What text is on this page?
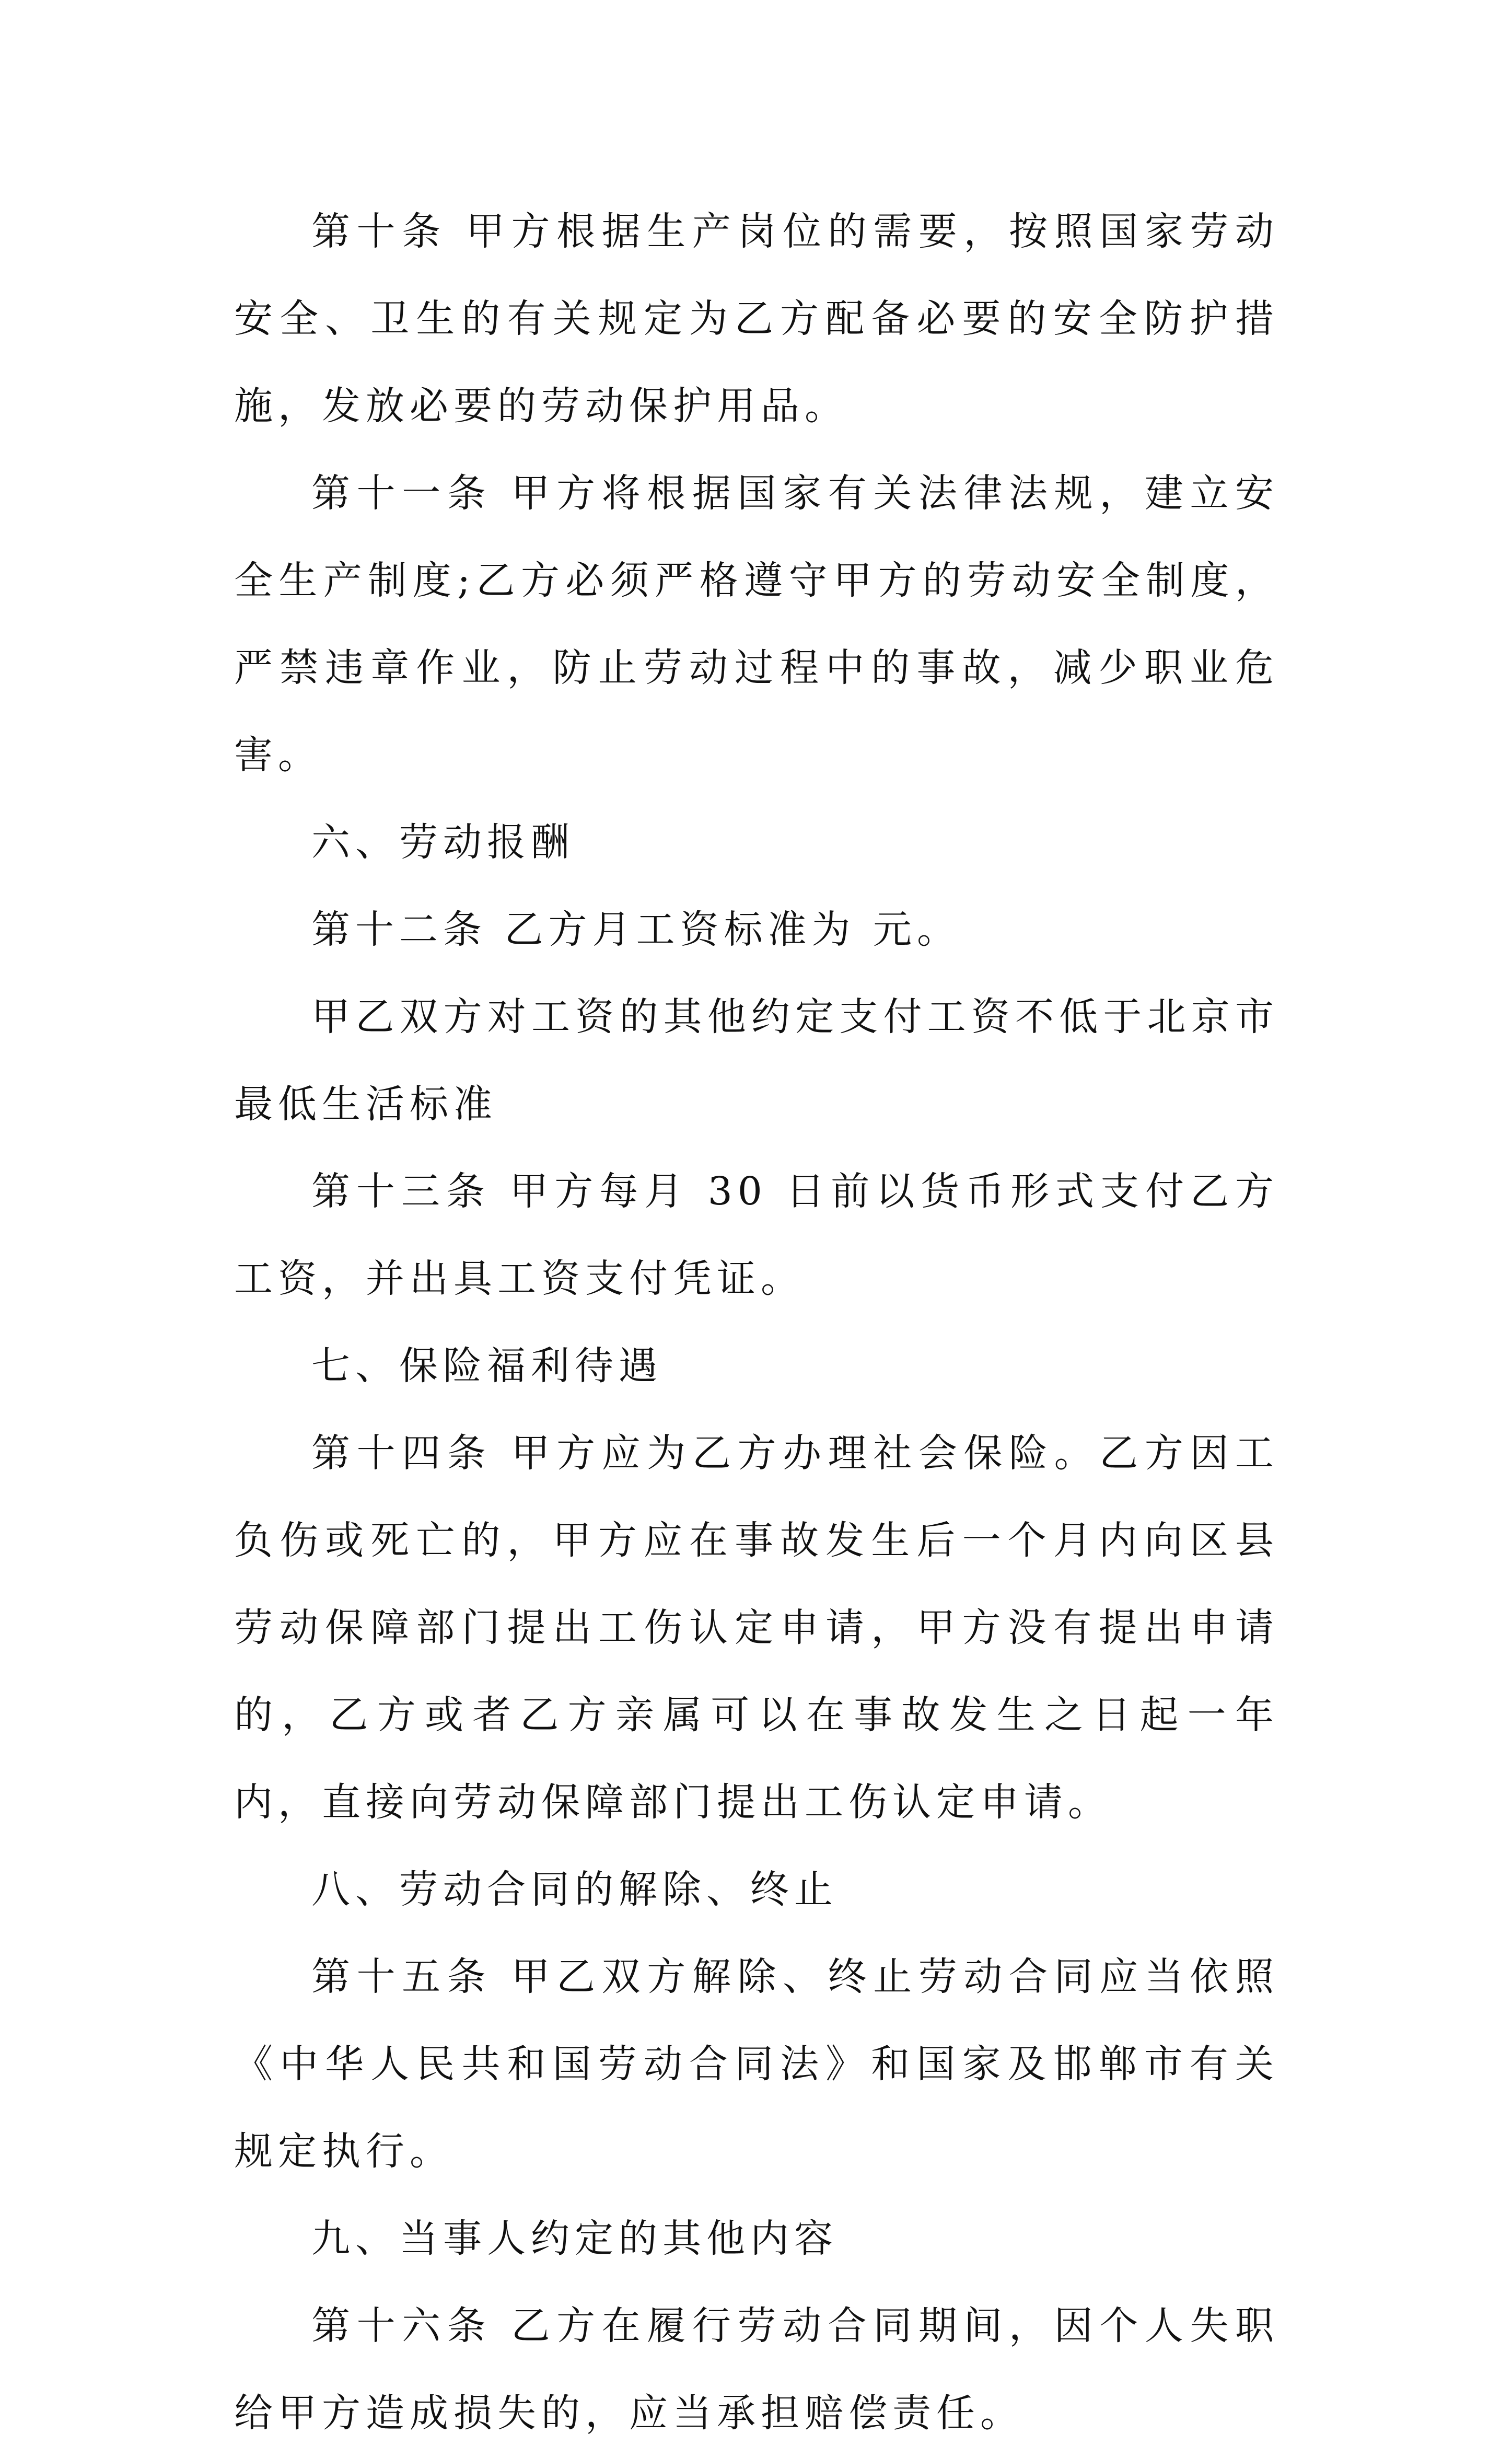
第十条 甲方根据生产岗位的需要，按照国家劳动安全、卫生的有关规定为乙方配备必要的安全防护措施，发放必要的劳动保护用品。

第十一条 甲方将根据国家有关法律法规，建立安全生产制度;乙方必须严格遵守甲方的劳动安全制度，严禁违章作业，防止劳动过程中的事故，减少职业危害。

六、劳动报酬

第十二条 乙方月工资标准为 元。

甲乙双方对工资的其他约定支付工资不低于北京市最低生活标准

第十三条 甲方每月 30 日前以货币形式支付乙方工资，并出具工资支付凭证。

七、保险福利待遇

第十四条 甲方应为乙方办理社会保险。乙方因工负伤或死亡的，甲方应在事故发生后一个月内向区县劳动保障部门提出工伤认定申请，甲方没有提出申请的，乙方或者乙方亲属可以在事故发生之日起一年内，直接向劳动保障部门提出工伤认定申请。

八、劳动合同的解除、终止

第十五条 甲乙双方解除、终止劳动合同应当依照《中华人民共和国劳动合同法》和国家及邯郸市有关规定执行。

九、当事人约定的其他内容

第十六条 乙方在履行劳动合同期间，因个人失职给甲方造成损失的，应当承担赔偿责任。
